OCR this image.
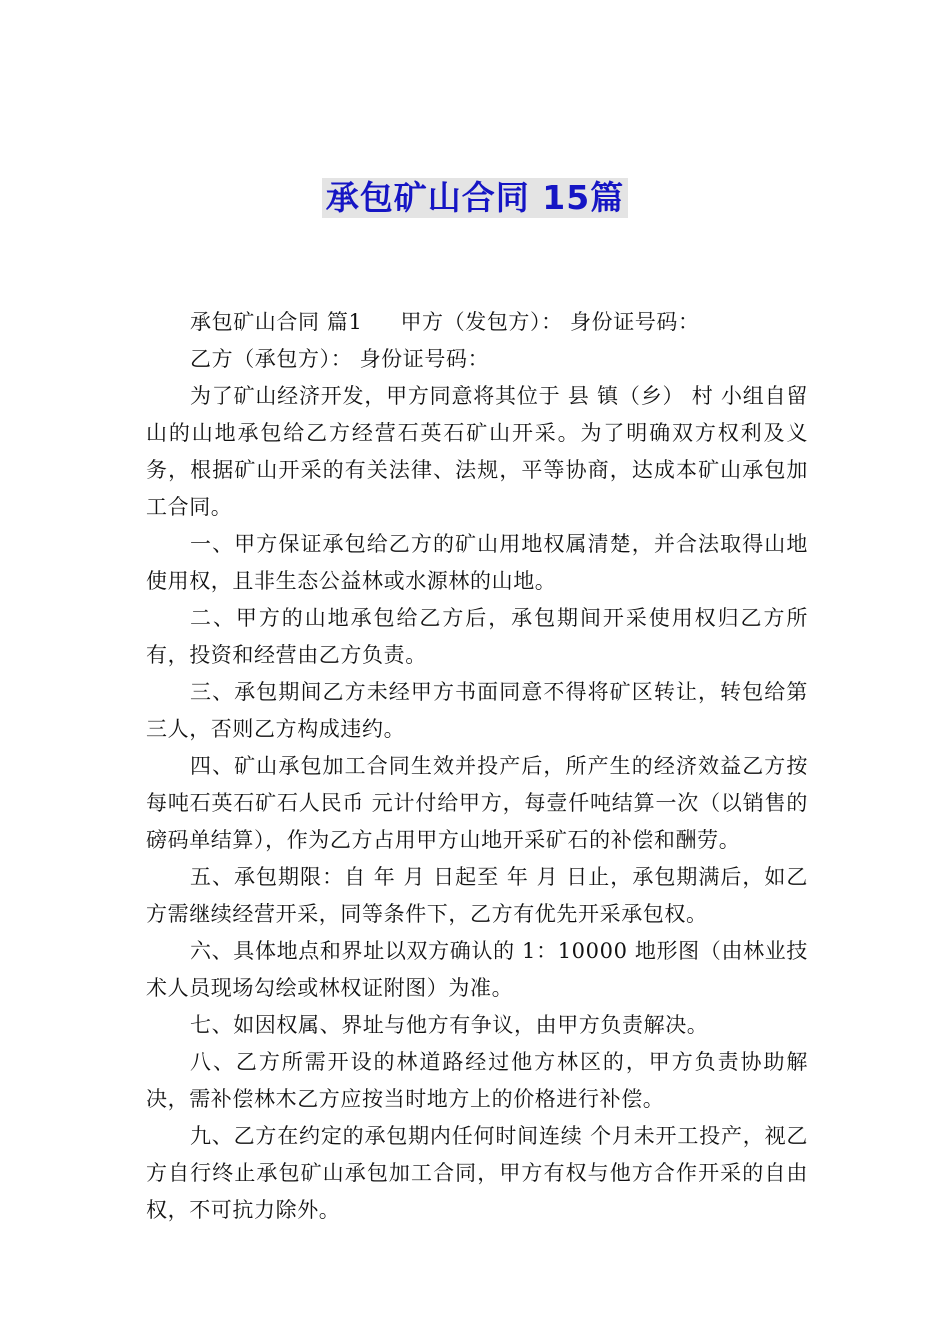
承包矿山合同 15篇

承包矿山合同 篇1 甲方（发包方）： 身份证号码：

乙方（承包方）： 身份证号码：

为了矿山经济开发，甲方同意将其位于 县 镇（乡） 村 小组自留山的山地承包给乙方经营石英石矿山开采。为了明确双方权利及义务，根据矿山开采的有关法律、法规，平等协商，达成本矿山承包加工合同。

一、甲方保证承包给乙方的矿山用地权属清楚，并合法取得山地使用权，且非生态公益林或水源林的山地。

二、甲方的山地承包给乙方后，承包期间开采使用权归乙方所有，投资和经营由乙方负责。

三、承包期间乙方未经甲方书面同意不得将矿区转让，转包给第三人，否则乙方构成违约。

四、矿山承包加工合同生效并投产后，所产生的经济效益乙方按每吨石英石矿石人民币 元计付给甲方，每壹仟吨结算一次（以销售的磅码单结算），作为乙方占用甲方山地开采矿石的补偿和酬劳。

五、承包期限：自 年 月 日起至 年 月 日止，承包期满后，如乙方需继续经营开采，同等条件下，乙方有优先开采承包权。

六、具体地点和界址以双方确认的 1：10000 地形图（由林业技术人员现场勾绘或林权证附图）为准。

七、如因权属、界址与他方有争议，由甲方负责解决。

八、乙方所需开设的林道路经过他方林区的，甲方负责协助解决，需补偿林木乙方应按当时地方上的价格进行补偿。

九、乙方在约定的承包期内任何时间连续 个月未开工投产，视乙方自行终止承包矿山承包加工合同，甲方有权与他方合作开采的自由权，不可抗力除外。
